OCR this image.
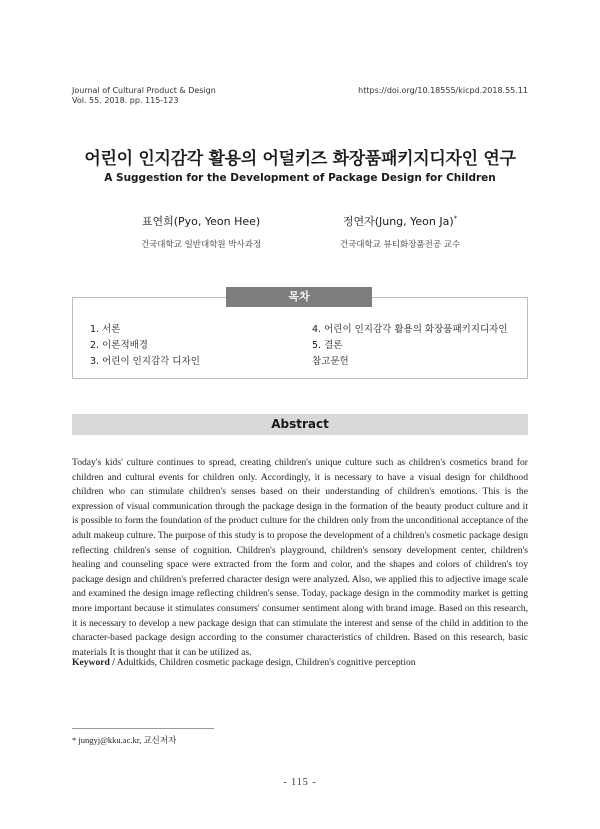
Journal of Cultural Product & Design
Vol. 55. 2018. pp. 115-123
https://doi.org/10.18555/kicpd.2018.55.11
어린이 인지감각 활용의 어덜키즈 화장품패키지디자인 연구
A Suggestion for the Development of Package Design for Children
표연희(Pyo, Yeon Hee)
건국대학교 일반대학원 박사과정
정연자(Jung, Yeon Ja)*
건국대학교 뷰티화장품전공 교수
목차
1. 서론
2. 이론적배경
3. 어린이 인지감각 디자인
4. 어린이 인지감각 활용의 화장품패키지디자인
5. 결론
참고문헌
Abstract
Today's kids' culture continues to spread, creating children's unique culture such as children's cosmetics brand for children and cultural events for children only. Accordingly, it is necessary to have a visual design for childhood children who can stimulate children's senses based on their understanding of children's emotions. This is the expression of visual communication through the package design in the formation of the beauty product culture and it is possible to form the foundation of the product culture for the children only from the unconditional acceptance of the adult makeup culture. The purpose of this study is to propose the development of a children's cosmetic package design reflecting children's sense of cognition. Children's playground, children's sensory development center, children's healing and counseling space were extracted from the form and color, and the shapes and colors of children's toy package design and children's preferred character design were analyzed. Also, we applied this to adjective image scale and examined the design image reflecting children's sense. Today, package design in the commodity market is getting more important because it stimulates consumers' consumer sentiment along with brand image. Based on this research, it is necessary to develop a new package design that can stimulate the interest and sense of the child in addition to the character-based package design according to the consumer characteristics of children. Based on this research, basic materials It is thought that it can be utilized as.
Keyword / Adultkids, Children cosmetic package design, Children's cognitive perception
* jungyj@kku.ac.kr, 교신저자
- 115 -
